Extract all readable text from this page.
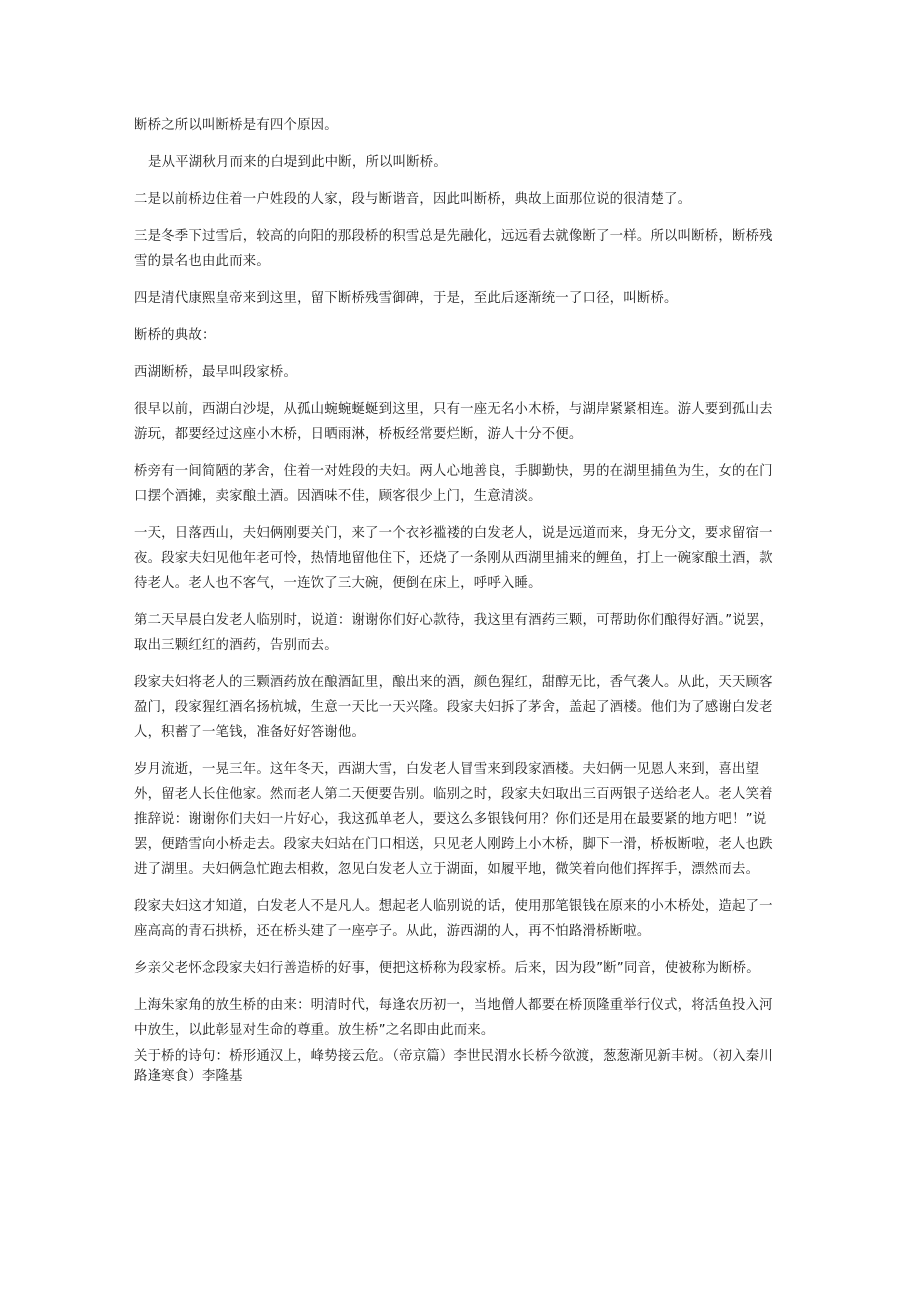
断桥之所以叫断桥是有四个原因。

是从平湖秋月而来的白堤到此中断，所以叫断桥。

二是以前桥边住着一户姓段的人家，段与断谐音，因此叫断桥，典故上面那位说的很清楚了。

三是冬季下过雪后，较高的向阳的那段桥的积雪总是先融化，远远看去就像断了一样。所以叫断桥，断桥残雪的景名也由此而来。

四是清代康熙皇帝来到这里，留下断桥残雪御碑，于是，至此后逐渐统一了口径，叫断桥。

断桥的典故：

西湖断桥，最早叫段家桥。

很早以前，西湖白沙堤，从孤山蜿蜿蜒蜒到这里，只有一座无名小木桥，与湖岸紧紧相连。游人要到孤山去游玩，都要经过这座小木桥，日晒雨淋，桥板经常要烂断，游人十分不便。

桥旁有一间简陋的茅舍，住着一对姓段的夫妇。两人心地善良，手脚勤快，男的在湖里捕鱼为生，女的在门口摆个酒摊，卖家酿土酒。因酒味不佳，顾客很少上门，生意清淡。

一天，日落西山，夫妇俩刚要关门，来了一个衣衫褴褛的白发老人，说是远道而来，身无分文，要求留宿一夜。段家夫妇见他年老可怜，热情地留他住下，还烧了一条刚从西湖里捕来的鲤鱼，打上一碗家酿土酒，款待老人。老人也不客气，一连饮了三大碗，便倒在床上，呼呼入睡。

第二天早晨白发老人临别时，说道：谢谢你们好心款待，我这里有酒药三颗，可帮助你们酿得好酒。”说罢，取出三颗红红的酒药，告别而去。

段家夫妇将老人的三颗酒药放在酿酒缸里，酿出来的酒，颜色猩红，甜醇无比，香气袭人。从此，天天顾客盈门，段家猩红酒名扬杭城，生意一天比一天兴隆。段家夫妇拆了茅舍，盖起了酒楼。他们为了感谢白发老人，积蓄了一笔钱，准备好好答谢他。

岁月流逝，一晃三年。这年冬天，西湖大雪，白发老人冒雪来到段家酒楼。夫妇俩一见恩人来到，喜出望外，留老人长住他家。然而老人第二天便要告别。临别之时，段家夫妇取出三百两银子送给老人。老人笑着推辞说：谢谢你们夫妇一片好心，我这孤单老人，要这么多银钱何用？你们还是用在最要紧的地方吧！”说罢，便踏雪向小桥走去。段家夫妇站在门口相送，只见老人刚跨上小木桥，脚下一滑，桥板断啦，老人也跌进了湖里。夫妇俩急忙跑去相救，忽见白发老人立于湖面，如履平地，微笑着向他们挥挥手，漂然而去。

段家夫妇这才知道，白发老人不是凡人。想起老人临别说的话，使用那笔银钱在原来的小木桥处，造起了一座高高的青石拱桥，还在桥头建了一座亭子。从此，游西湖的人，再不怕路滑桥断啦。

乡亲父老怀念段家夫妇行善造桥的好事，便把这桥称为段家桥。后来，因为段”断”同音，使被称为断桥。

上海朱家角的放生桥的由来：明清时代，每逢农历初一，当地僧人都要在桥顶隆重举行仪式，将活鱼投入河中放生，以此彰显对生命的尊重。放生桥”之名即由此而来。

关于桥的诗句：桥形通汉上，峰势接云危。（帝京篇）李世民渭水长桥今欲渡，葱葱渐见新丰树。（初入秦川路逢寒食）李隆基
